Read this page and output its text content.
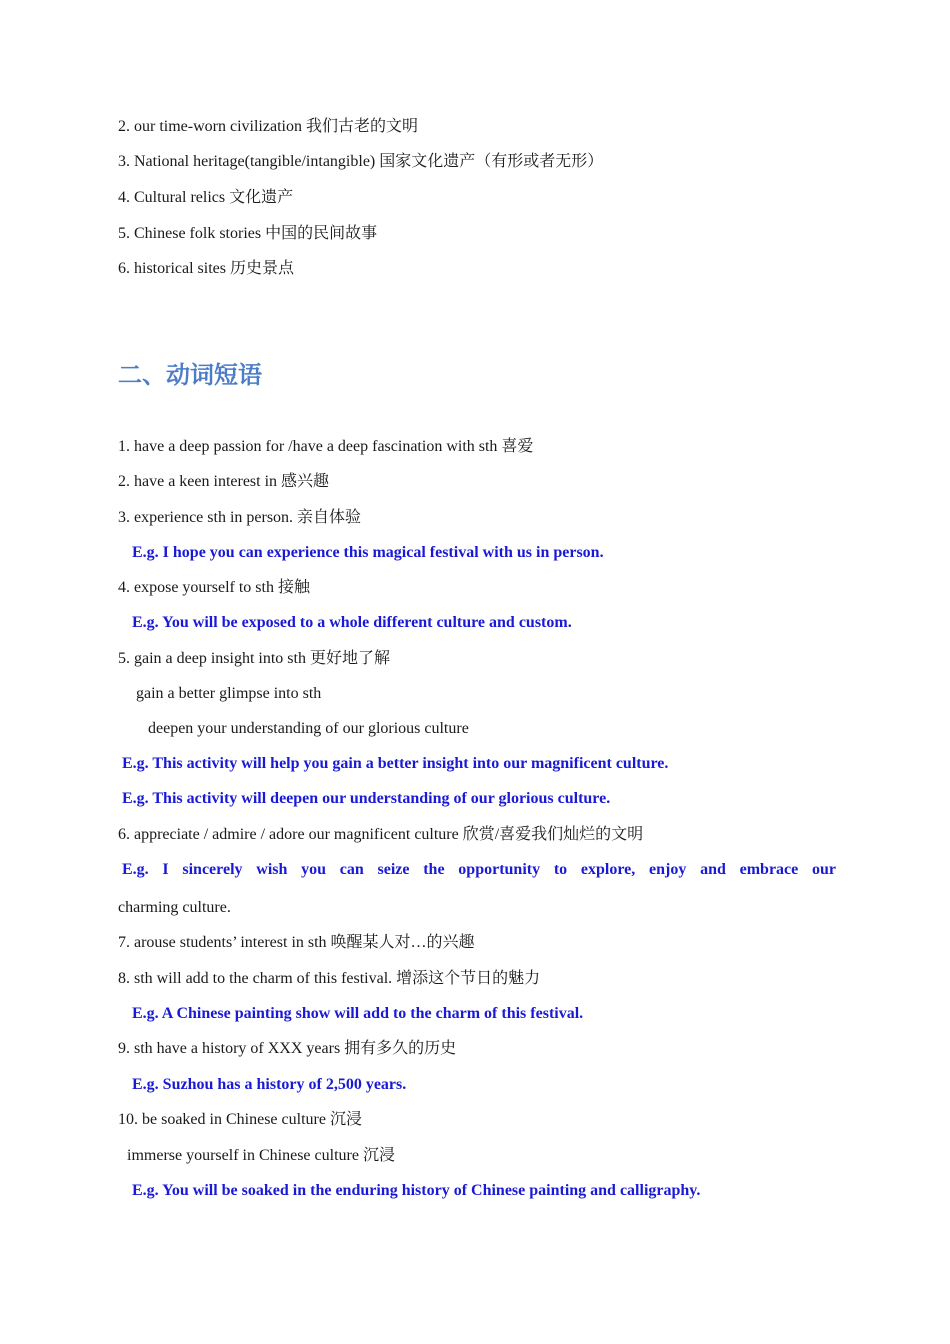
2. our time-worn civilization 我们古老的文明
3. National heritage(tangible/intangible) 国家文化遗产（有形或者无形）
4. Cultural relics 文化遗产
5. Chinese folk stories 中国的民间故事
6. historical sites 历史景点
二、动词短语
1. have a deep passion for /have a deep fascination with sth 喜爱
2. have a keen interest in 感兴趣
3. experience sth in person. 亲自体验
E.g. I hope you can experience this magical festival with us in person.
4. expose yourself to sth 接触
E.g. You will be exposed to a whole different culture and custom.
5. gain a deep insight into sth 更好地了解
gain a better glimpse into sth
deepen your understanding of our glorious culture
E.g. This activity will help you gain a better insight into our magnificent culture.
E.g. This activity will deepen our understanding of our glorious culture.
6. appreciate / admire / adore our magnificent culture 欣赏/喜爱我们灿烂的文明
E.g. I sincerely wish you can seize the opportunity to explore, enjoy and embrace our
charming culture.
7. arouse students’ interest in sth 唤醒某人对…的兴趣
8. sth will add to the charm of this festival. 增添这个节日的魅力
E.g. A Chinese painting show will add to the charm of this festival.
9. sth have a history of XXX years 拥有多久的历史
E.g. Suzhou has a history of 2,500 years.
10. be soaked in Chinese culture 沉浸
immerse yourself in Chinese culture 沉浸
E.g. You will be soaked in the enduring history of Chinese painting and calligraphy.
